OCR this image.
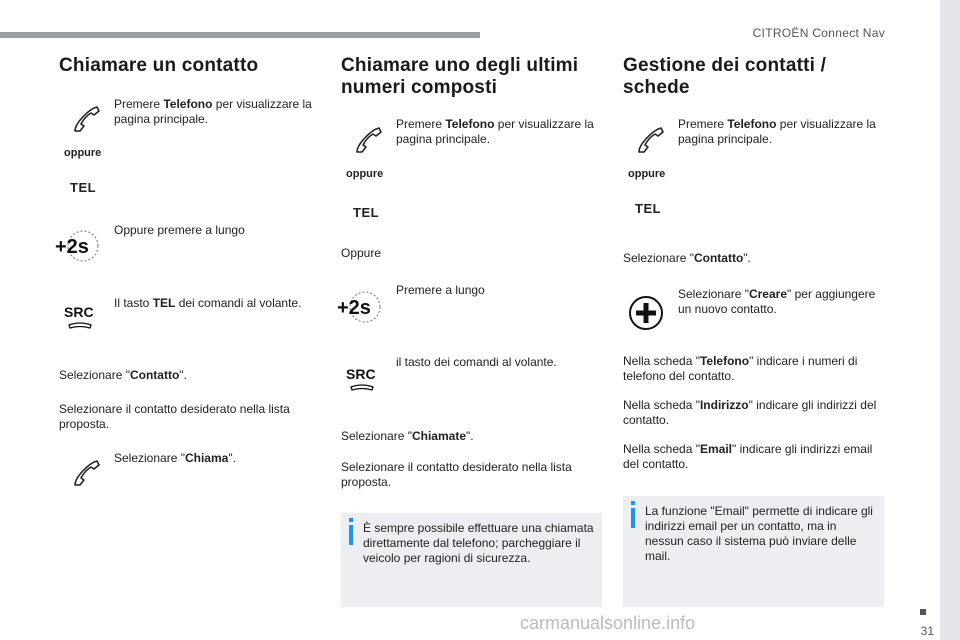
CITROËN Connect Nav
Chiamare un contatto
Premere Telefono per visualizzare la pagina principale.
oppure
TEL
+2s
Oppure premere a lungo
SRC
Il tasto TEL dei comandi al volante.
Selezionare "Contatto".
Selezionare il contatto desiderato nella lista proposta.
Selezionare "Chiama".
Chiamare uno degli ultimi
numeri composti
Premere Telefono per visualizzare la pagina principale.
oppure
TEL
Oppure
+2s
Premere a lungo
SRC
il tasto dei comandi al volante.
Selezionare "Chiamate".
Selezionare il contatto desiderato nella lista proposta.
È sempre possibile effettuare una chiamata direttamente dal telefono; parcheggiare il veicolo per ragioni di sicurezza.
Gestione dei contatti /
schede
Premere Telefono per visualizzare la pagina principale.
oppure
TEL
Selezionare "Contatto".
Selezionare "Creare" per aggiungere un nuovo contatto.
Nella scheda "Telefono" indicare i numeri di telefono del contatto.
Nella scheda "Indirizzo" indicare gli indirizzi del contatto.
Nella scheda "Email" indicare gli indirizzi email del contatto.
La funzione "Email" permette di indicare gli indirizzi email per un contatto, ma in nessun caso il sistema può inviare delle mail.
31
carmanualsonline.info
